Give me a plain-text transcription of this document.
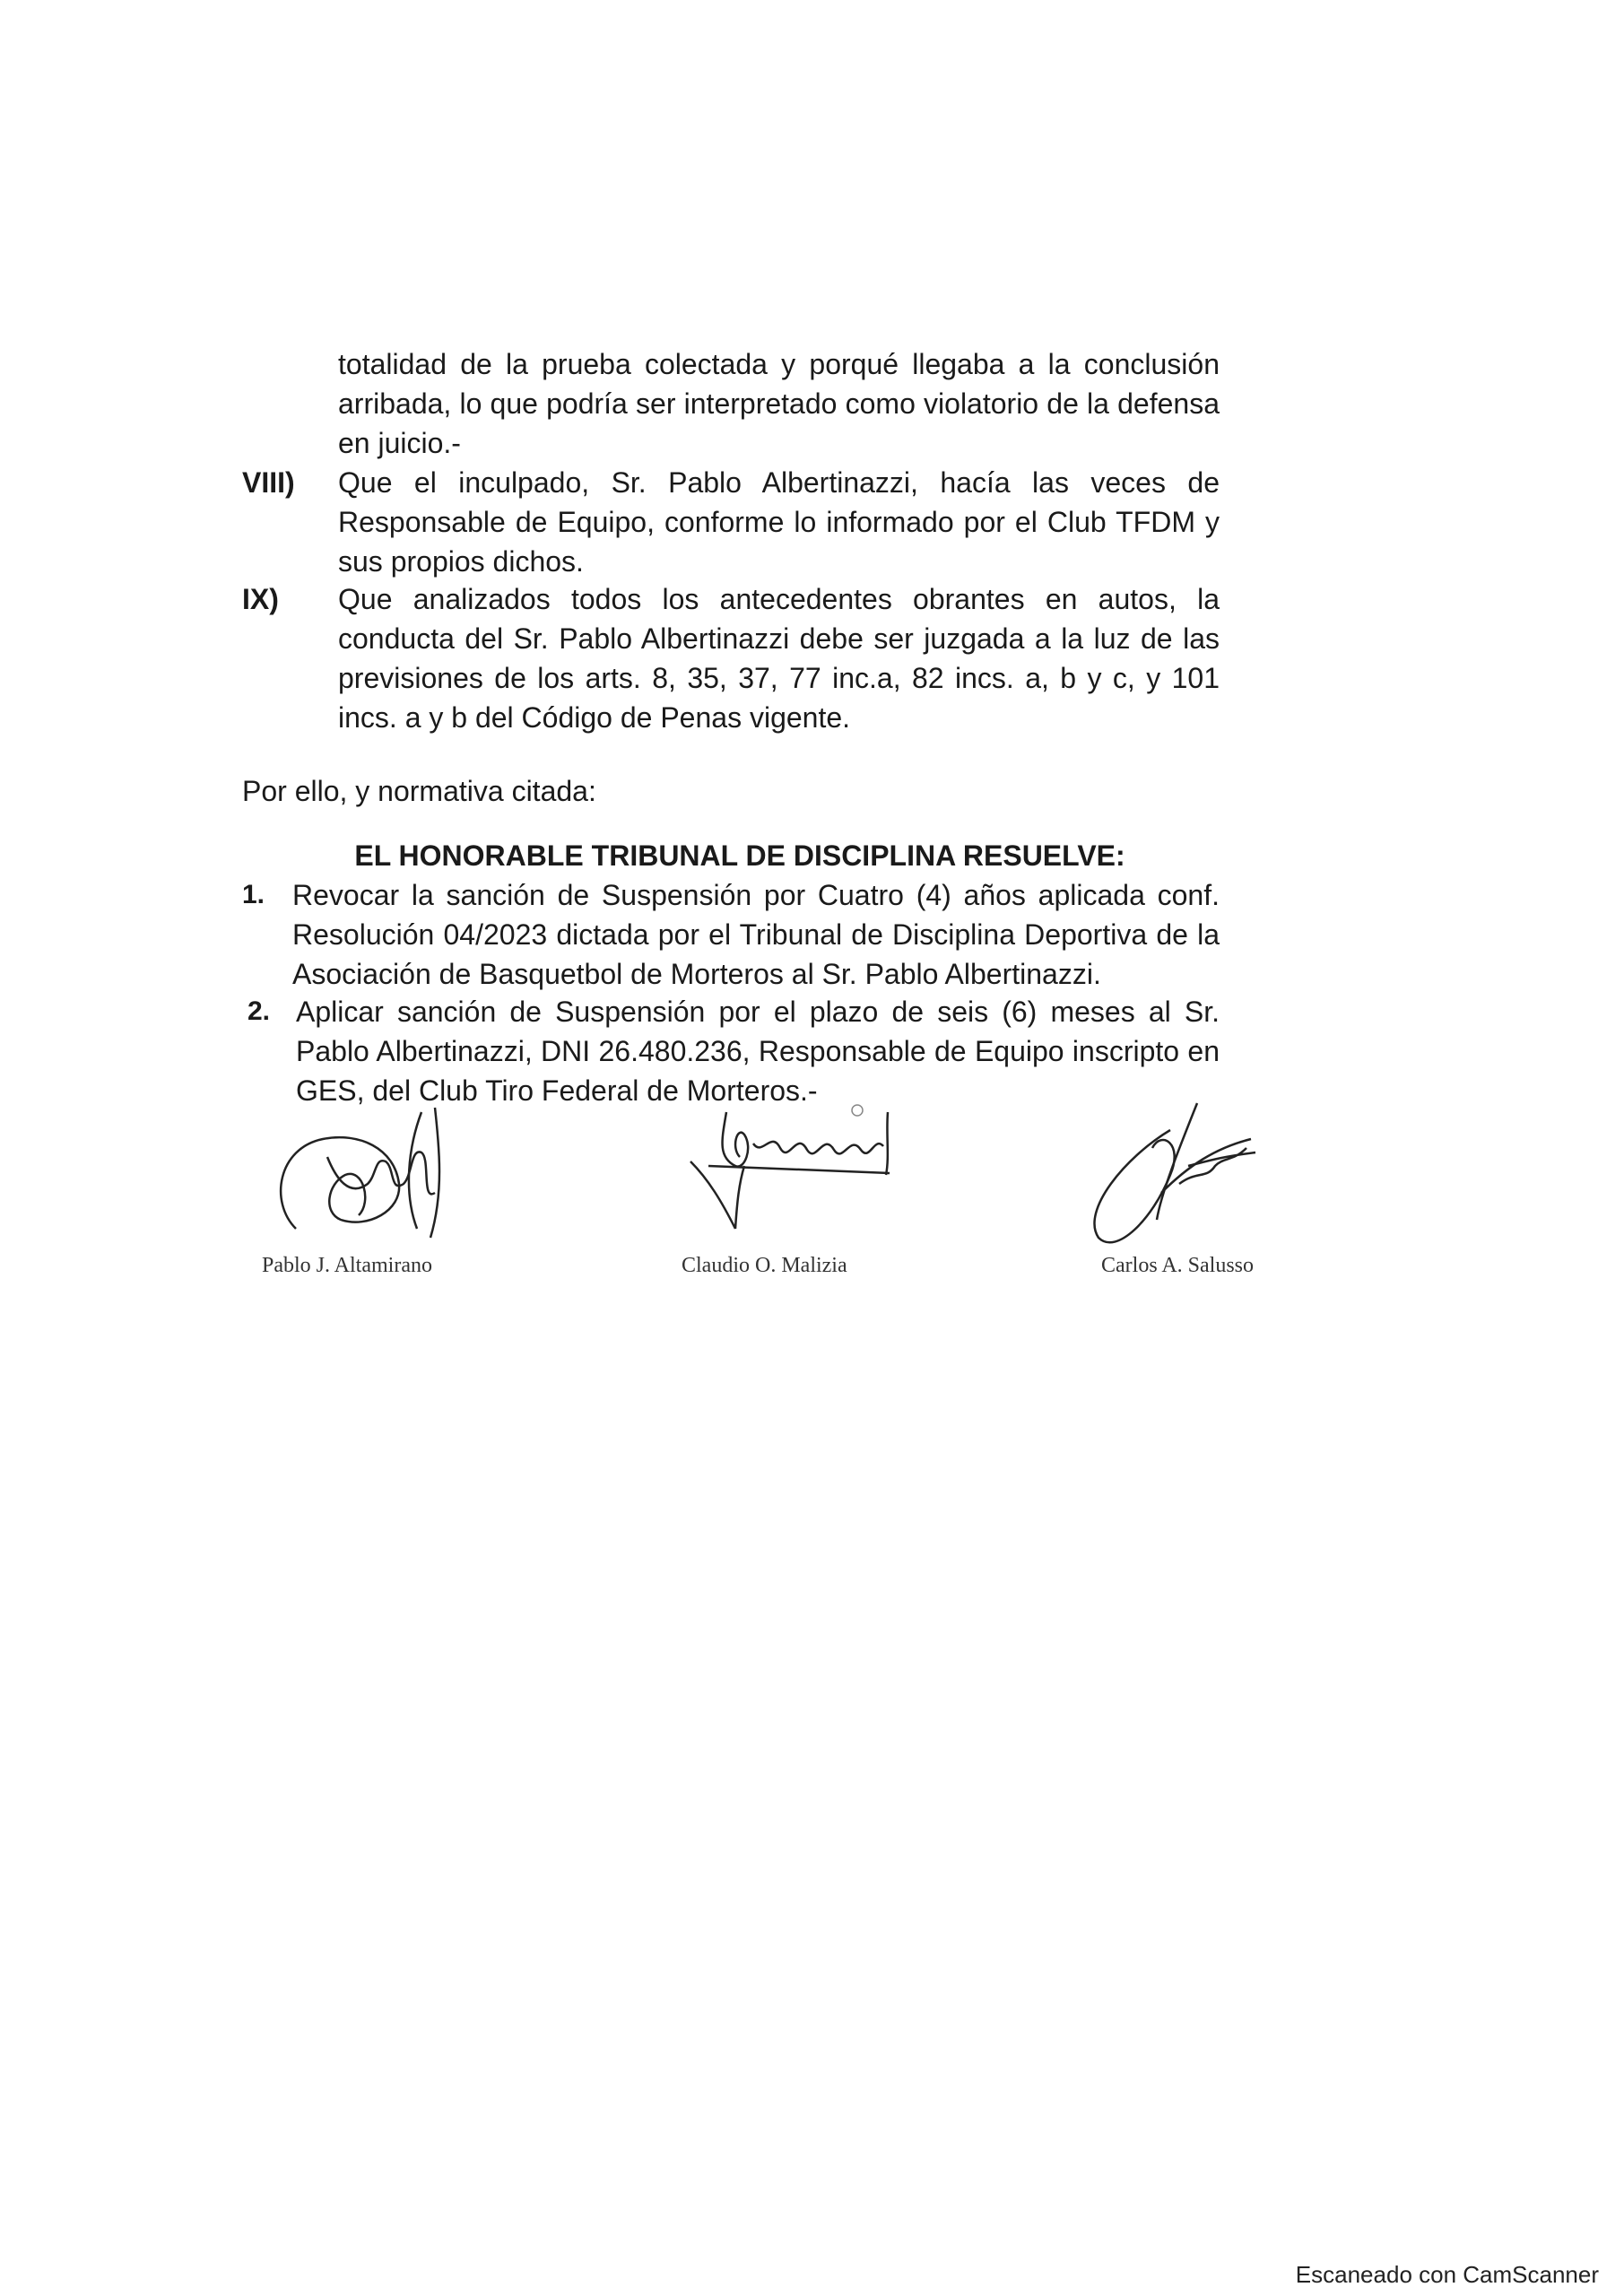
totalidad de la prueba colectada y porqué llegaba a la conclusión arribada, lo que podría ser interpretado como violatorio de la defensa en juicio.-

VIII) Que el inculpado, Sr. Pablo Albertinazzi, hacía las veces de Responsable de Equipo, conforme lo informado por el Club TFDM y sus propios dichos.

IX) Que analizados todos los antecedentes obrantes en autos, la conducta del Sr. Pablo Albertinazzi debe ser juzgada a la luz de las previsiones de los arts. 8, 35, 37, 77 inc.a, 82 incs. a, b y c, y 101 incs. a y b del Código de Penas vigente.

Por ello, y normativa citada:
EL HONORABLE TRIBUNAL DE DISCIPLINA RESUELVE:
1. Revocar la sanción de Suspensión por Cuatro (4) años aplicada conf. Resolución 04/2023 dictada por el Tribunal de Disciplina Deportiva de la Asociación de Basquetbol de Morteros al Sr. Pablo Albertinazzi.

2. Aplicar sanción de Suspensión por el plazo de seis (6) meses al Sr. Pablo Albertinazzi, DNI 26.480.236, Responsable de Equipo inscripto en GES, del Club Tiro Federal de Morteros.-

Pablo J. Altamirano	Claudio O. Malizia	Carlos A. Salusso
Escaneado con CamScanner
